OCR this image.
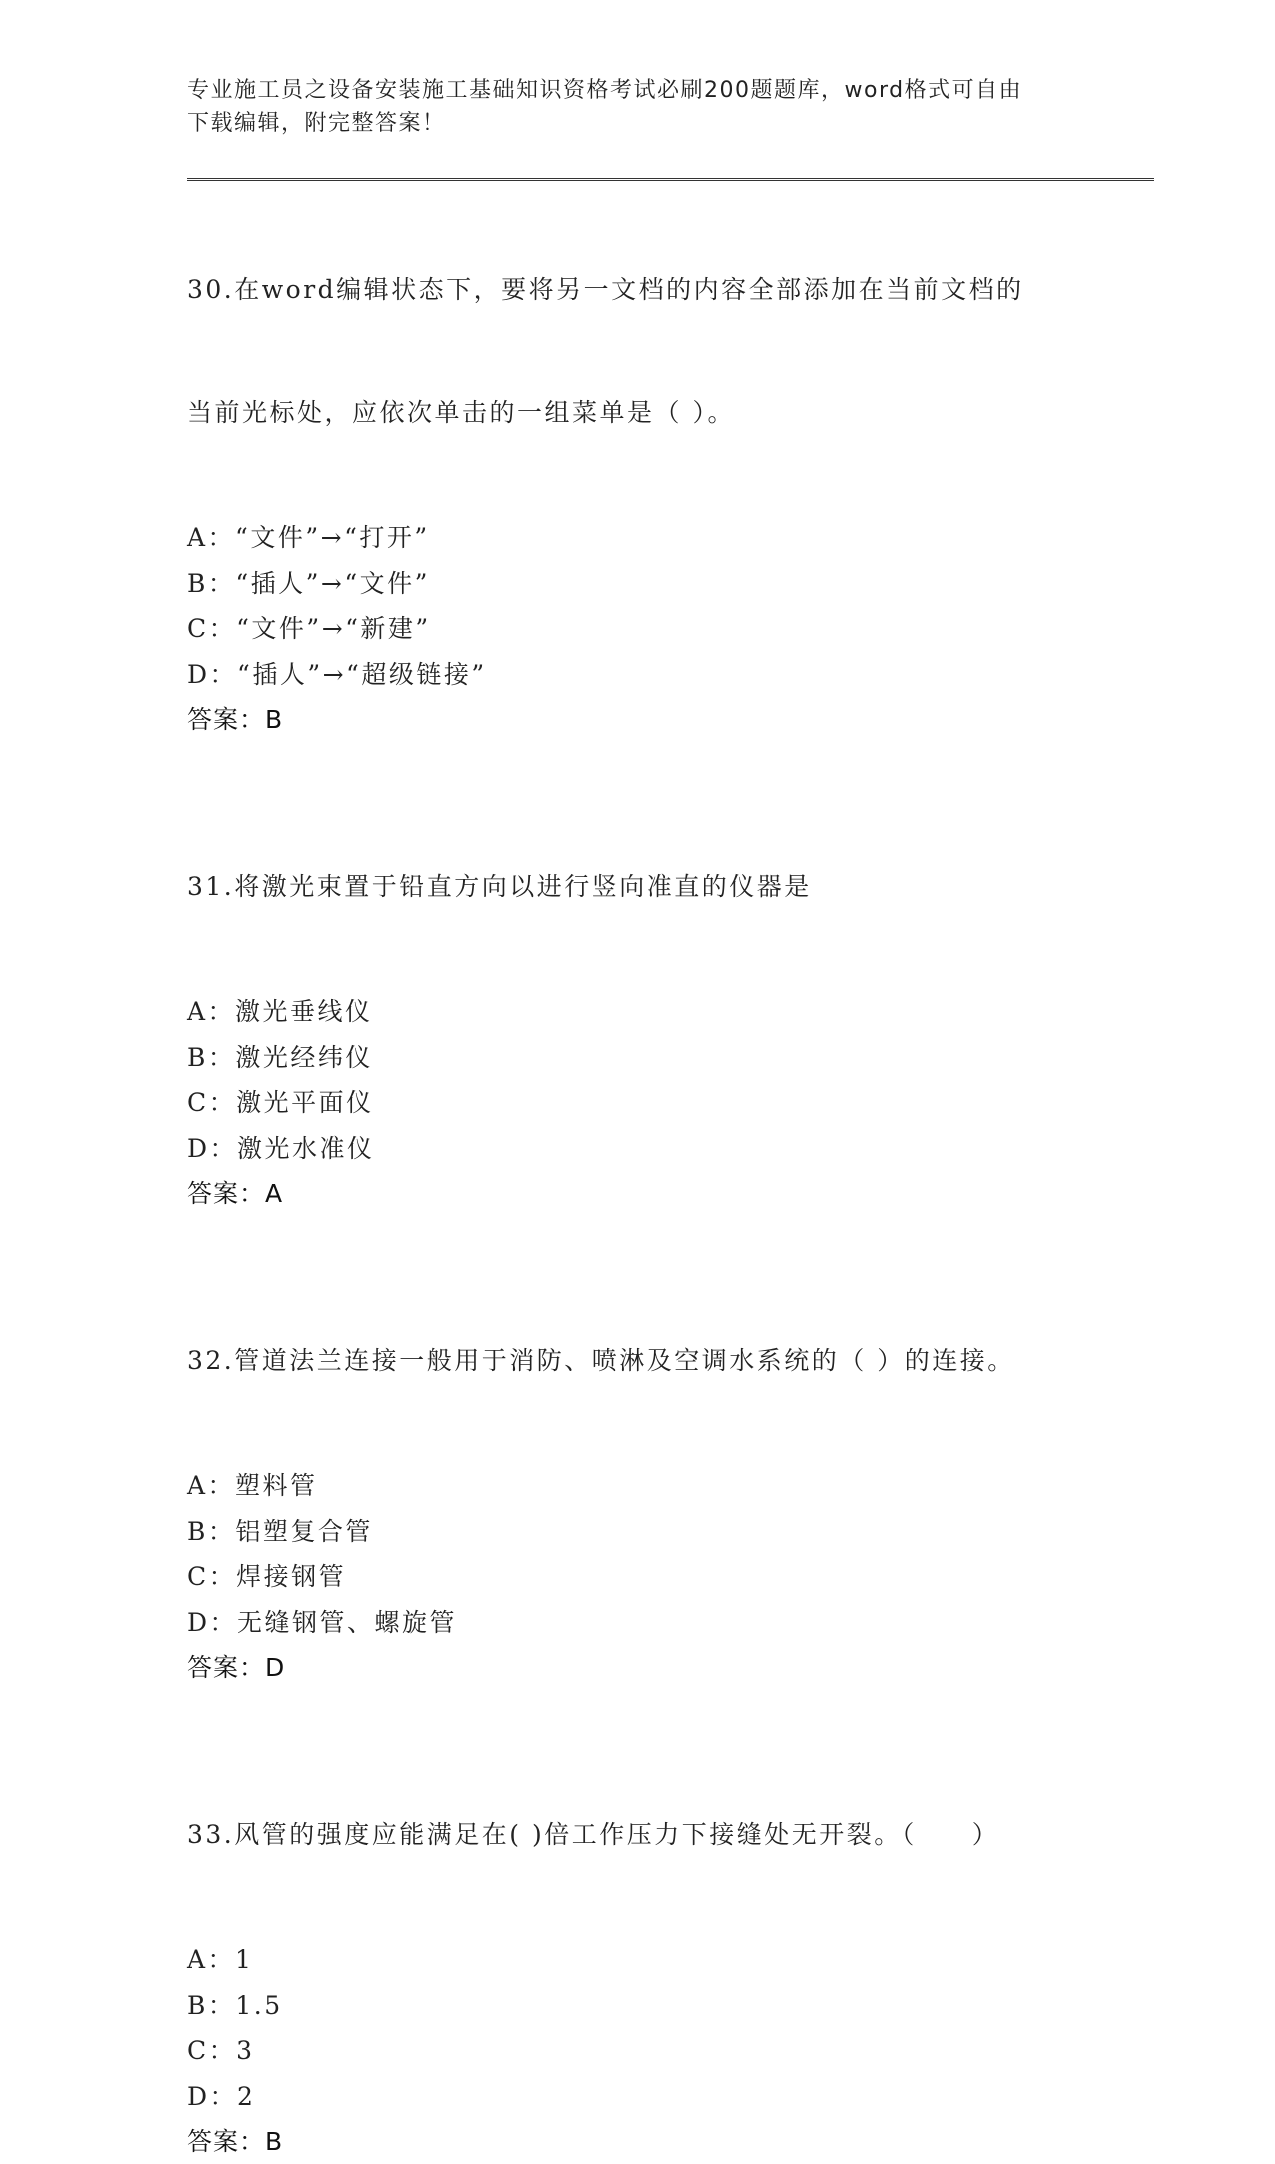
专业施工员之设备安装施工基础知识资格考试必刷200题题库，word格式可自由
下载编辑，附完整答案！

30.在word编辑状态下，要将另一文档的内容全部添加在当前文档的

当前光标处，应依次单击的一组菜单是（ ）。

A：“文件”→“打开”
B：“插人”→“文件”
C：“文件”→“新建”
D：“插人”→“超级链接”
答案：B

31.将激光束置于铅直方向以进行竖向准直的仪器是

A：激光垂线仪
B：激光经纬仪
C：激光平面仪
D：激光水准仪
答案：A

32.管道法兰连接一般用于消防、喷淋及空调水系统的（ ）的连接。

A：塑料管
B：铝塑复合管
C：焊接钢管
D：无缝钢管、螺旋管
答案：D

33.风管的强度应能满足在( )倍工作压力下接缝处无开裂。（　　）

A：1
B：1.5
C：3
D：2
答案：B
